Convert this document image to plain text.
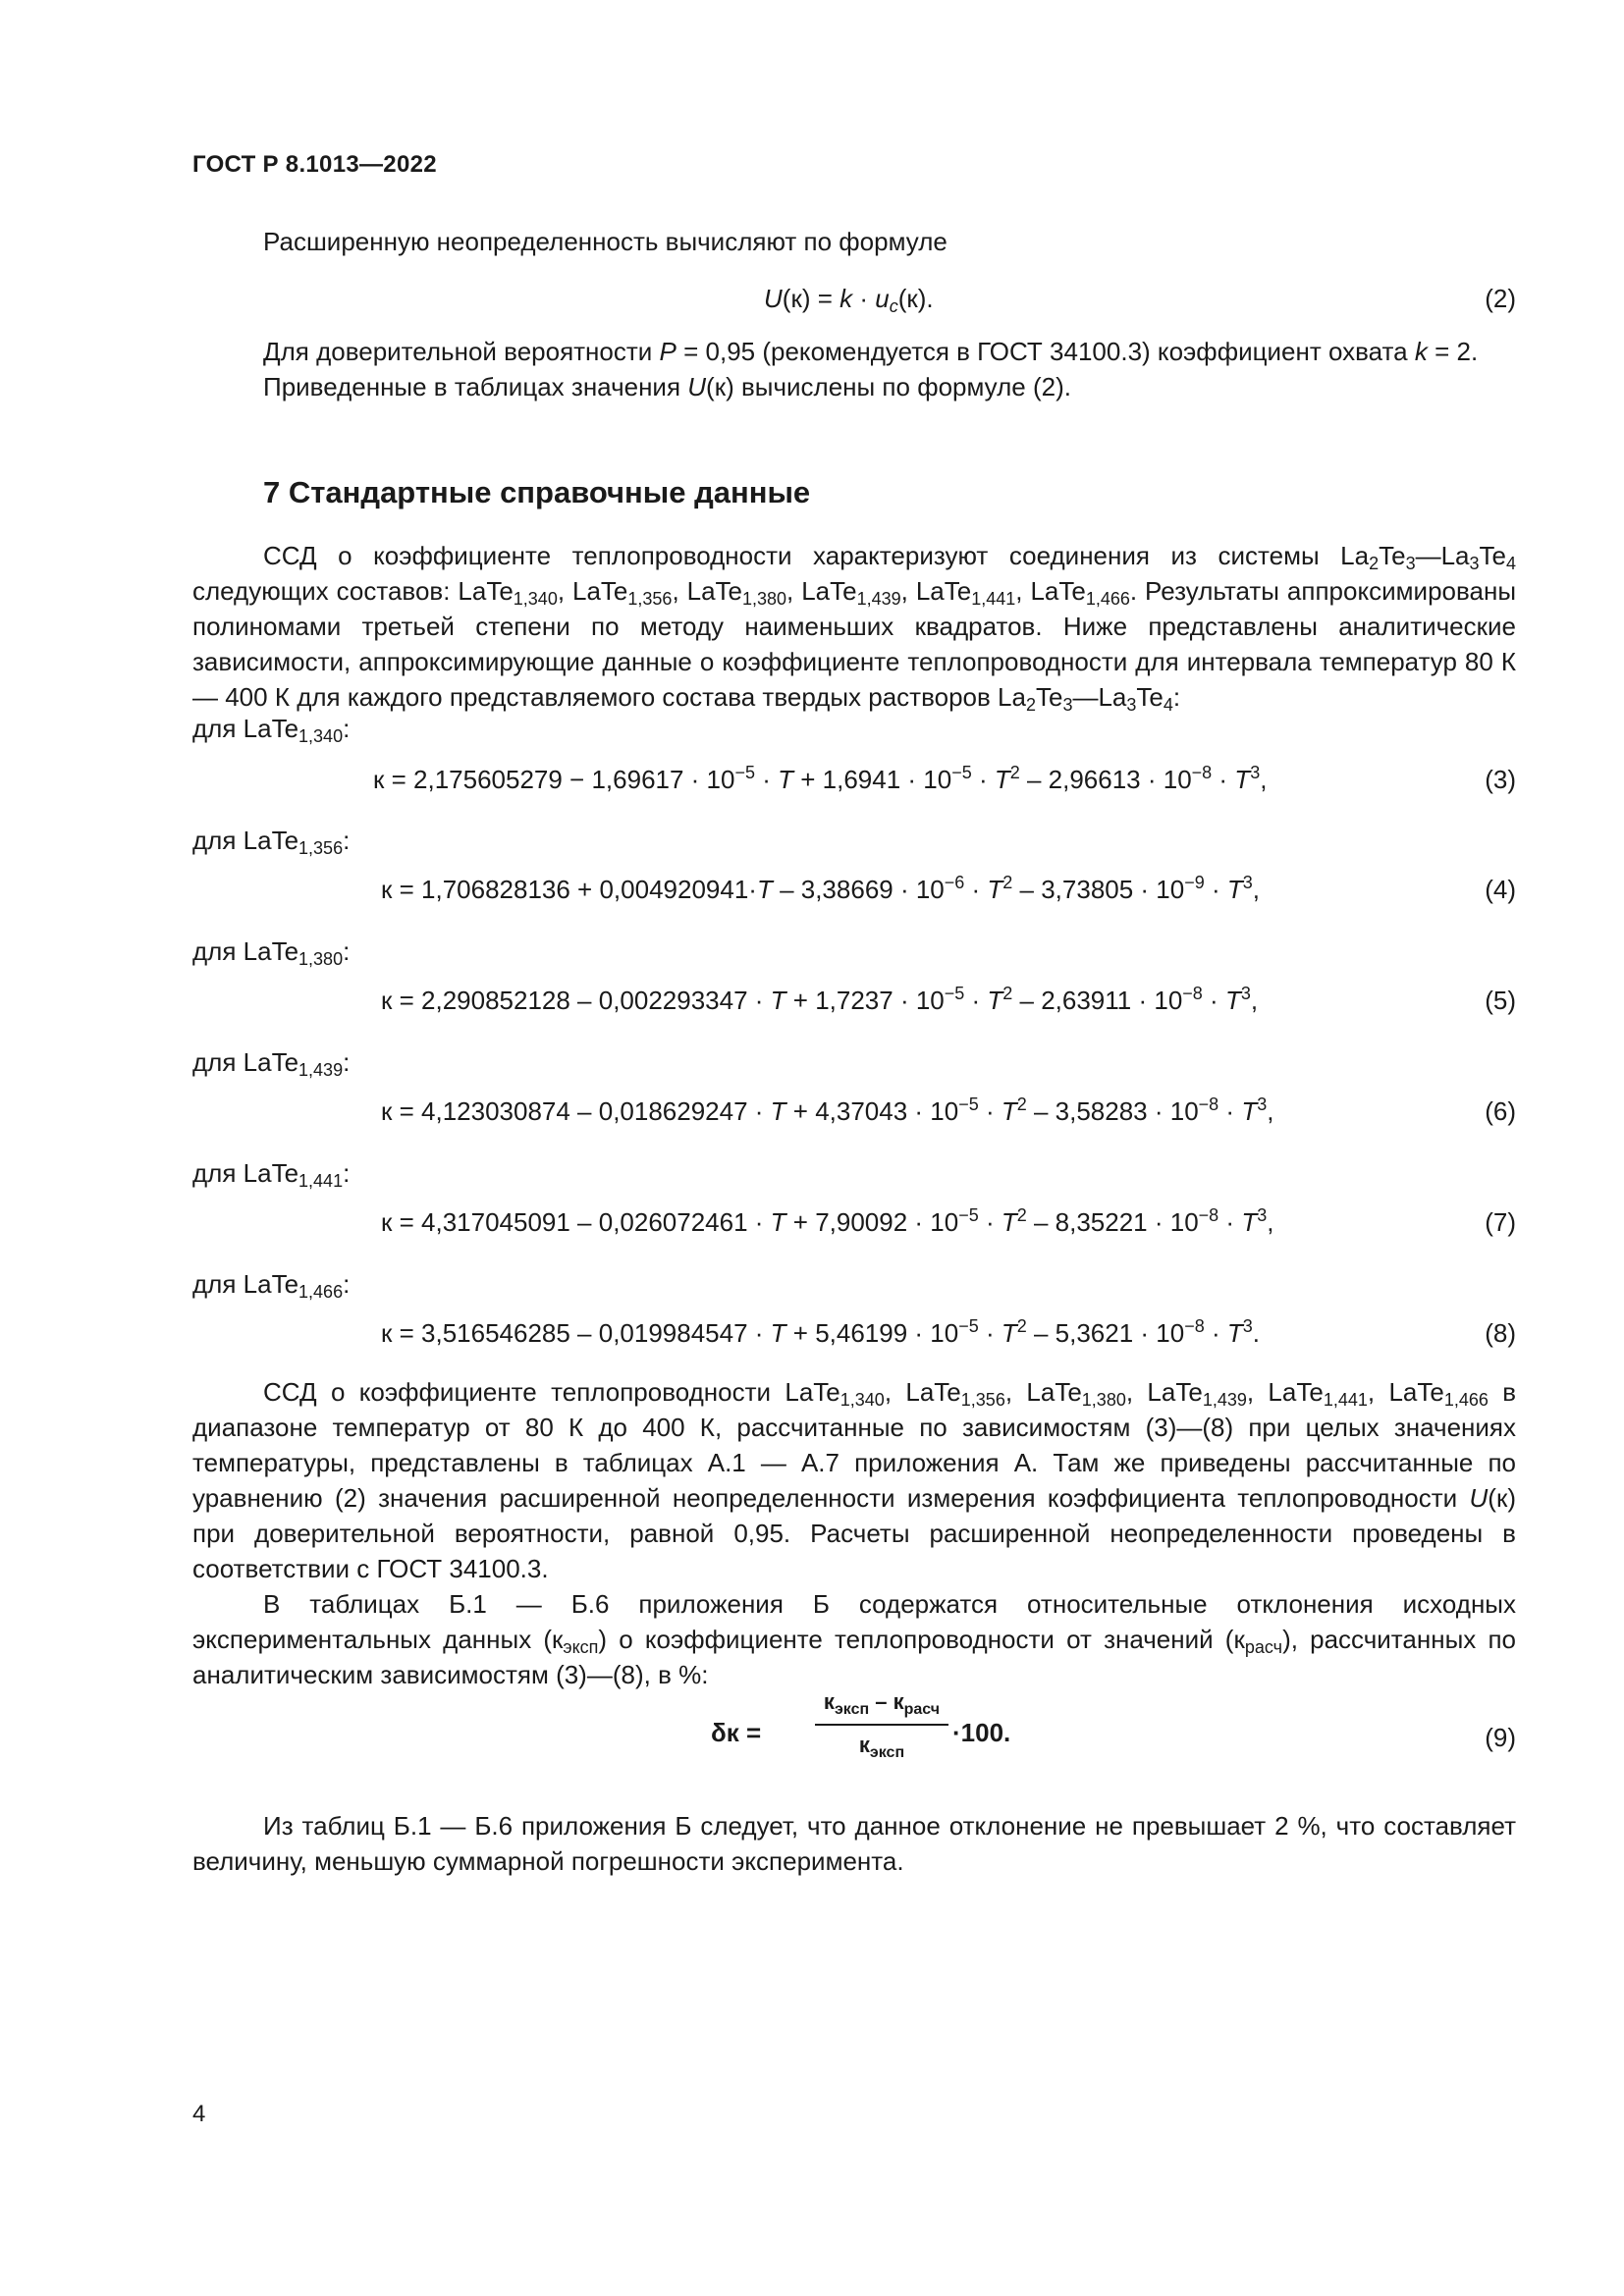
ГОСТ Р 8.1013—2022

Расширенную неопределенность вычисляют по формуле

$U(к) = k \cdot u_c(к)$.	(2)

Для доверительной вероятности P = 0,95 (рекомендуется в ГОСТ 34100.3) коэффициент охвата k = 2.

Приведенные в таблицах значения U(к) вычислены по формуле (2).

7 Стандартные справочные данные

ССД о коэффициенте теплопроводности характеризуют соединения из системы $La_2Te_3—La_3Te_4$ следующих составов: LaTe$_{1,340}$, LaTe$_{1,356}$, LaTe$_{1,380}$, LaTe$_{1,439}$, LaTe$_{1,441}$, LaTe$_{1,466}$. Результаты аппроксимированы полиномами третьей степени по методу наименьших квадратов. Ниже представлены аналитические зависимости, аппроксимирующие данные о коэффициенте теплопроводности для интервала температур 80 К — 400 К для каждого представляемого состава твердых растворов $La_2Te_3—La_3Te_4$:

для LaTe$_{1,340}$:
$к = 2,175605279 - 1,69617 \cdot 10^{-5} \cdot T + 1,6941 \cdot 10^{-5} \cdot T^2 - 2,96613 \cdot 10^{-8} \cdot T^3$,	(3)
для LaTe$_{1,356}$:
$к = 1,706828136 + 0,004920941\cdot T - 3,38669 \cdot 10^{-6} \cdot T^2 - 3,73805 \cdot 10^{-9} \cdot T^3$,	(4)
для LaTe$_{1,380}$:
$к = 2,290852128 - 0,002293347 \cdot T + 1,7237 \cdot 10^{-5} \cdot T^2 - 2,63911 \cdot 10^{-8} \cdot T^3$,	(5)
для LaTe$_{1,439}$:
$к = 4,123030874 - 0,018629247 \cdot T + 4,37043 \cdot 10^{-5} \cdot T^2 - 3,58283 \cdot 10^{-8} \cdot T^3$,	(6)
для LaTe$_{1,441}$:
$к = 4,317045091 - 0,026072461 \cdot T + 7,90092 \cdot 10^{-5} \cdot T^2 - 8,35221 \cdot 10^{-8} \cdot T^3$,	(7)
для LaTe$_{1,466}$:
$к = 3,516546285 - 0,019984547 \cdot T + 5,46199 \cdot 10^{-5} \cdot T^2 - 5,3621 \cdot 10^{-8} \cdot T^3$.	(8)

ССД о коэффициенте теплопроводности LaTe$_{1,340}$, LaTe$_{1,356}$, LaTe$_{1,380}$, LaTe$_{1,439}$, LaTe$_{1,441}$, LaTe$_{1,466}$ в диапазоне температур от 80 К до 400 К, рассчитанные по зависимостям (3)—(8) при целых значениях температуры, представлены в таблицах А.1 — А.7 приложения А. Там же приведены рассчитанные по уравнению (2) значения расширенной неопределенности измерения коэффициента теплопроводности U(к) при доверительной вероятности, равной 0,95. Расчеты расширенной неопределенности проведены в соответствии с ГОСТ 34100.3.

В таблицах Б.1 — Б.6 приложения Б содержатся относительные отклонения исходных экспериментальных данных $(к_{эксп})$ о коэффициенте теплопроводности от значений $(к_{расч})$, рассчитанных по аналитическим зависимостям (3)—(8), в %:

δк =
$к_{эксп} - к_{расч}$
$к_{эксп}$
·100.	(9)

Из таблиц Б.1 — Б.6 приложения Б следует, что данное отклонение не превышает 2 %, что составляет величину, меньшую суммарной погрешности эксперимента.

4
